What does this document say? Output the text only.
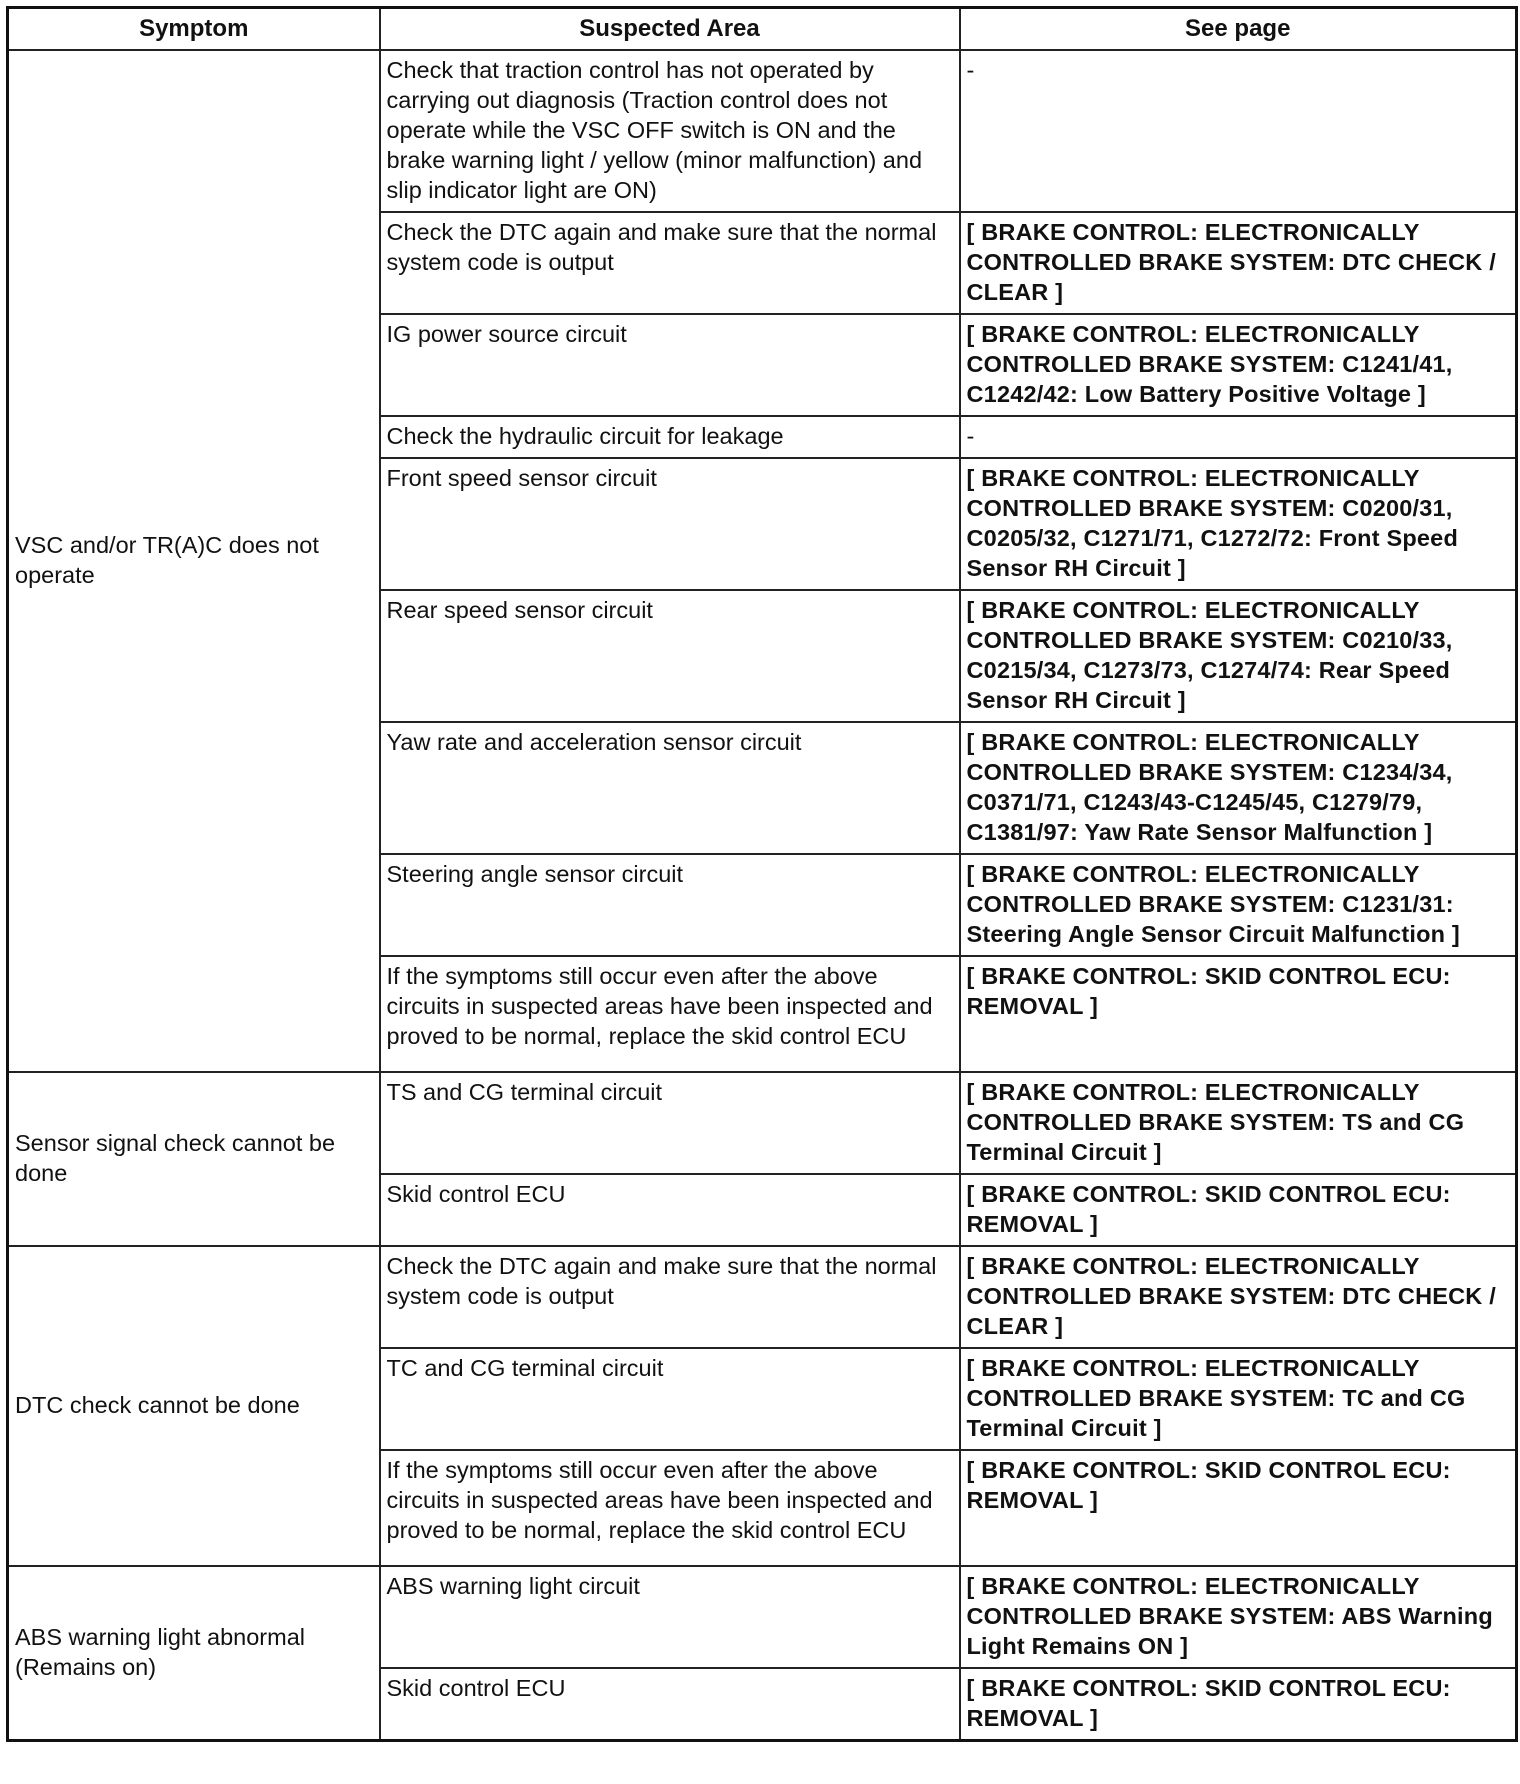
Symptom	Suspected Area	See page
VSC and/or TR(A)C does not operate	Check that traction control has not operated by carrying out diagnosis (Traction control does not operate while the VSC OFF switch is ON and the brake warning light / yellow (minor malfunction) and slip indicator light are ON)	-
	Check the DTC again and make sure that the normal system code is output	[ BRAKE CONTROL: ELECTRONICALLY CONTROLLED BRAKE SYSTEM: DTC CHECK / CLEAR ]
	IG power source circuit	[ BRAKE CONTROL: ELECTRONICALLY CONTROLLED BRAKE SYSTEM: C1241/41, C1242/42: Low Battery Positive Voltage ]
	Check the hydraulic circuit for leakage	-
	Front speed sensor circuit	[ BRAKE CONTROL: ELECTRONICALLY CONTROLLED BRAKE SYSTEM: C0200/31, C0205/32, C1271/71, C1272/72: Front Speed Sensor RH Circuit ]
	Rear speed sensor circuit	[ BRAKE CONTROL: ELECTRONICALLY CONTROLLED BRAKE SYSTEM: C0210/33, C0215/34, C1273/73, C1274/74: Rear Speed Sensor RH Circuit ]
	Yaw rate and acceleration sensor circuit	[ BRAKE CONTROL: ELECTRONICALLY CONTROLLED BRAKE SYSTEM: C1234/34, C0371/71, C1243/43-C1245/45, C1279/79, C1381/97: Yaw Rate Sensor Malfunction ]
	Steering angle sensor circuit	[ BRAKE CONTROL: ELECTRONICALLY CONTROLLED BRAKE SYSTEM: C1231/31: Steering Angle Sensor Circuit Malfunction ]
	If the symptoms still occur even after the above circuits in suspected areas have been inspected and proved to be normal, replace the skid control ECU	[ BRAKE CONTROL: SKID CONTROL ECU: REMOVAL ]
Sensor signal check cannot be done	TS and CG terminal circuit	[ BRAKE CONTROL: ELECTRONICALLY CONTROLLED BRAKE SYSTEM: TS and CG Terminal Circuit ]
	Skid control ECU	[ BRAKE CONTROL: SKID CONTROL ECU: REMOVAL ]
DTC check cannot be done	Check the DTC again and make sure that the normal system code is output	[ BRAKE CONTROL: ELECTRONICALLY CONTROLLED BRAKE SYSTEM: DTC CHECK / CLEAR ]
	TC and CG terminal circuit	[ BRAKE CONTROL: ELECTRONICALLY CONTROLLED BRAKE SYSTEM: TC and CG Terminal Circuit ]
	If the symptoms still occur even after the above circuits in suspected areas have been inspected and proved to be normal, replace the skid control ECU	[ BRAKE CONTROL: SKID CONTROL ECU: REMOVAL ]
ABS warning light abnormal (Remains on)	ABS warning light circuit	[ BRAKE CONTROL: ELECTRONICALLY CONTROLLED BRAKE SYSTEM: ABS Warning Light Remains ON ]
	Skid control ECU	[ BRAKE CONTROL: SKID CONTROL ECU: REMOVAL ]
